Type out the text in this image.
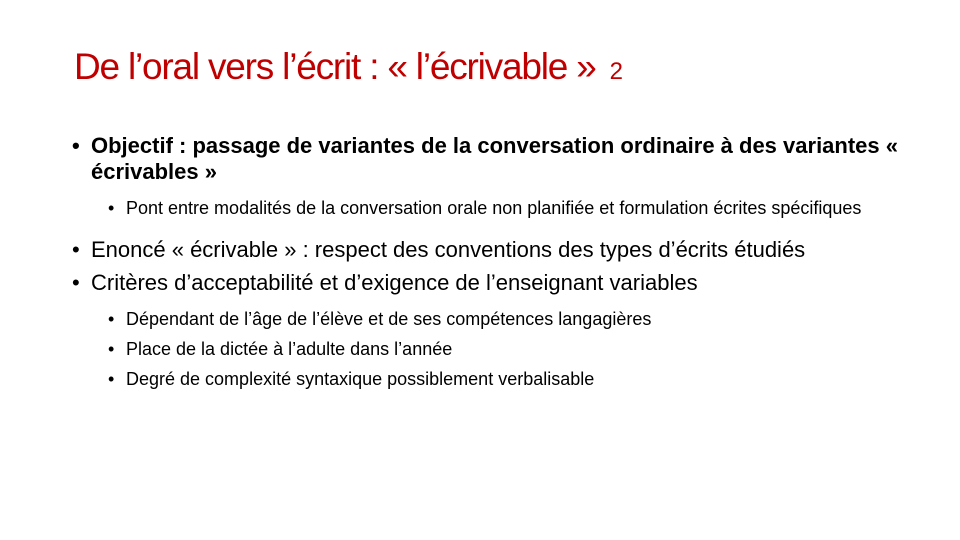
De l’oral vers l’écrit : « l’écrivable » 2
• Objectif : passage de variantes de la conversation ordinaire à des variantes « écrivables »
• Pont entre modalités de la conversation orale non planifiée et formulation écrites spécifiques
• Enoncé « écrivable » : respect des conventions des types d’écrits étudiés
• Critères d’acceptabilité et d’exigence de l’enseignant variables
• Dépendant de l’âge de l’élève et de ses compétences langagières
• Place de la dictée à l’adulte dans l’année
• Degré de complexité syntaxique possiblement verbalisable
